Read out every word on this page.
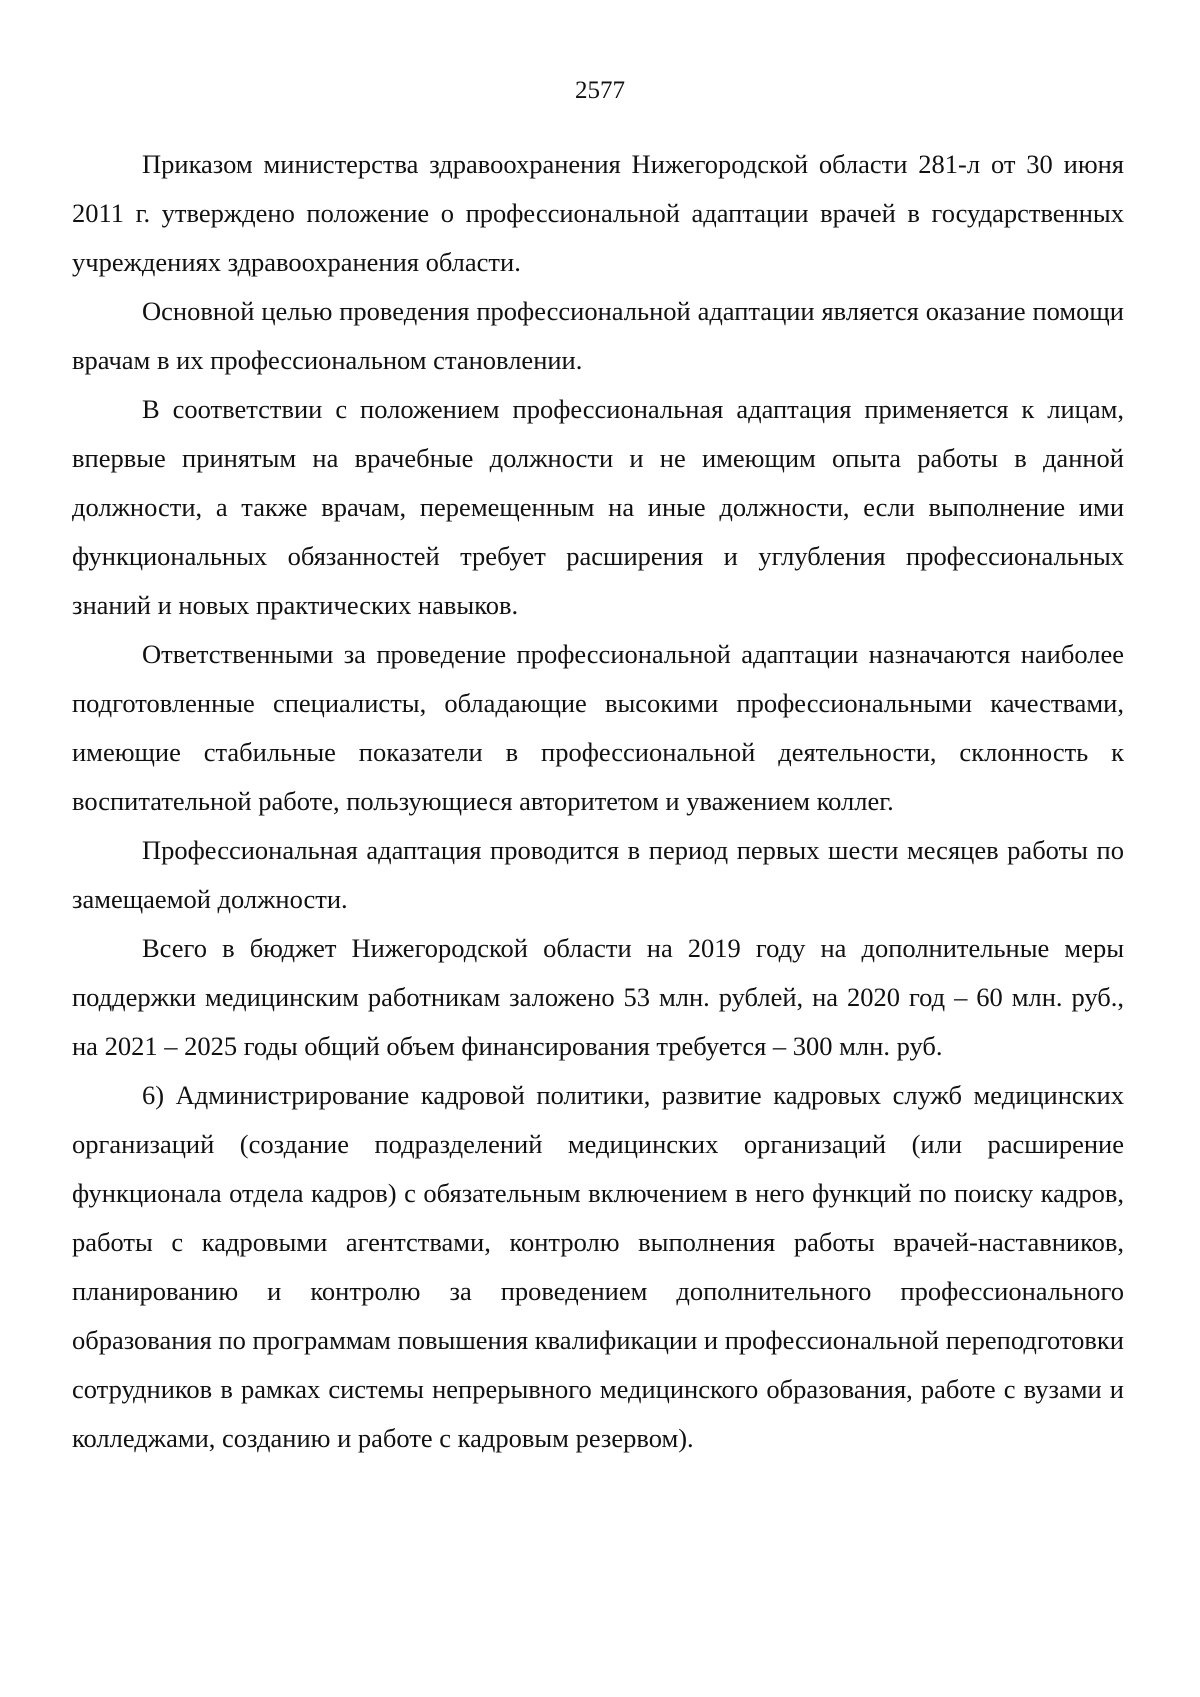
2577

Приказом министерства здравоохранения Нижегородской области 281-л от 30 июня 2011 г. утверждено положение о профессиональной адаптации врачей в государственных учреждениях здравоохранения области.

Основной целью проведения профессиональной адаптации является оказание помощи врачам в их профессиональном становлении.

В соответствии с положением профессиональная адаптация применяется к лицам, впервые принятым на врачебные должности и не имеющим опыта работы в данной должности, а также врачам, перемещенным на иные должности, если выполнение ими функциональных обязанностей требует расширения и углубления профессиональных знаний и новых практических навыков.

Ответственными за проведение профессиональной адаптации назначаются наиболее подготовленные специалисты, обладающие высокими профессиональными качествами, имеющие стабильные показатели в профессиональной деятельности, склонность к воспитательной работе, пользующиеся авторитетом и уважением коллег.

Профессиональная адаптация проводится в период первых шести месяцев работы по замещаемой должности.

Всего в бюджет Нижегородской области на 2019 году на дополнительные меры поддержки медицинским работникам заложено 53 млн. рублей, на 2020 год – 60 млн. руб., на 2021 – 2025 годы общий объем финансирования требуется – 300 млн. руб.

6) Администрирование кадровой политики, развитие кадровых служб медицинских организаций (создание подразделений медицинских организаций (или расширение функционала отдела кадров) с обязательным включением в него функций по поиску кадров, работы с кадровыми агентствами, контролю выполнения работы врачей-наставников, планированию и контролю за проведением дополнительного профессионального образования по программам повышения квалификации и профессиональной переподготовки сотрудников в рамках системы непрерывного медицинского образования, работе с вузами и колледжами, созданию и работе с кадровым резервом).
